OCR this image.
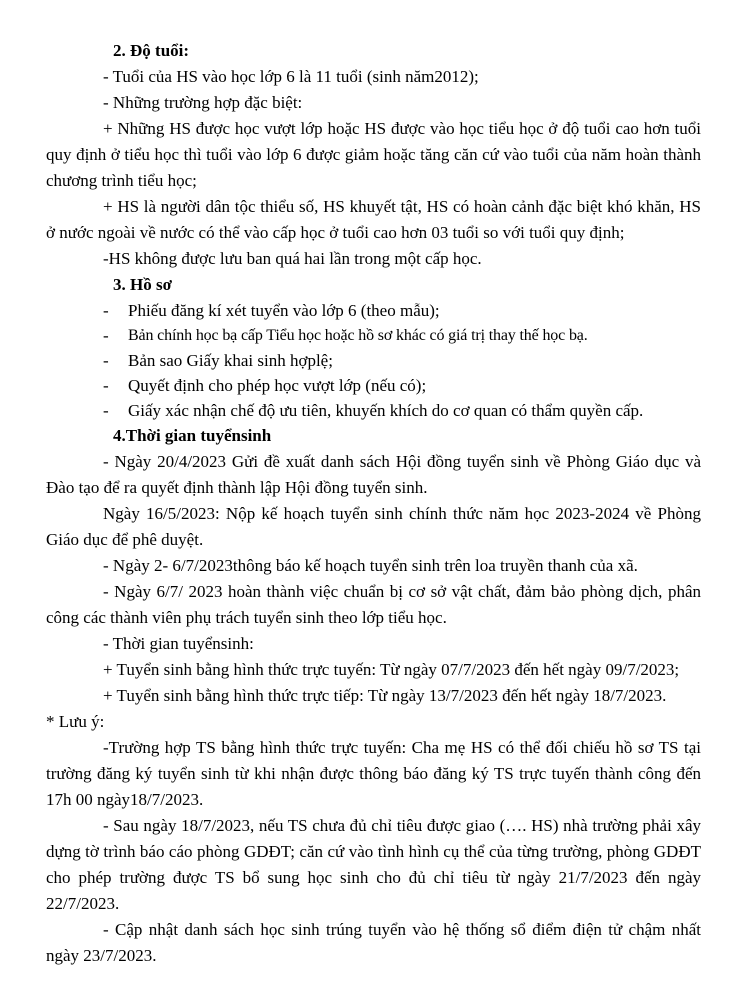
2. Độ tuổi:

- Tuổi của HS vào học lớp 6 là 11 tuổi (sinh năm2012);

- Những trường hợp đặc biệt:

+ Những HS được học vượt lớp hoặc HS được vào học tiểu học ở độ tuổi cao hơn tuổi quy định ở tiểu học thì tuổi vào lớp 6 được giảm hoặc tăng căn cứ vào tuổi của năm hoàn thành chương trình tiểu học;

+ HS là người dân tộc thiểu số, HS khuyết tật, HS có hoàn cảnh đặc biệt khó khăn, HS ở nước ngoài về nước có thể vào cấp học ở tuổi cao hơn 03 tuổi so với tuổi quy định;

-HS không được lưu ban quá hai lần trong một cấp học.

3. Hồ sơ
-	Phiếu đăng kí xét tuyển vào lớp 6 (theo mẫu);
-	Bản chính học bạ cấp Tiểu học hoặc hồ sơ khác có giá trị thay thế học bạ.
-	Bản sao Giấy khai sinh hợplệ;
-	Quyết định cho phép học vượt lớp (nếu có);
-	Giấy xác nhận chế độ ưu tiên, khuyến khích do cơ quan có thẩm quyền cấp.
4.Thời gian tuyểnsinh

- Ngày 20/4/2023 Gửi đề xuất danh sách Hội đồng tuyển sinh về Phòng Giáo dục và Đào tạo để ra quyết định thành lập Hội đồng tuyển sinh.

Ngày 16/5/2023: Nộp kế hoạch tuyển sinh chính thức năm học 2023-2024 về Phòng Giáo dục để phê duyệt.

- Ngày 2- 6/7/2023thông báo kế hoạch tuyển sinh trên loa truyền thanh của xã.

- Ngày 6/7/ 2023 hoàn thành việc chuẩn bị cơ sở vật chất, đảm bảo phòng dịch, phân công các thành viên phụ trách tuyển sinh theo lớp tiểu học.

- Thời gian tuyểnsinh:

+ Tuyển sinh bằng hình thức trực tuyến: Từ ngày 07/7/2023 đến hết ngày 09/7/2023;

+ Tuyển sinh bằng hình thức trực tiếp: Từ ngày 13/7/2023 đến hết ngày 18/7/2023.

* Lưu ý:

-Trường hợp TS bằng hình thức trực tuyến: Cha mẹ HS có thể đối chiếu hồ sơ TS tại trường đăng ký tuyển sinh từ khi nhận được thông báo đăng ký TS trực tuyến thành công đến 17h 00 ngày18/7/2023.

- Sau ngày 18/7/2023, nếu TS chưa đủ chỉ tiêu được giao (…. HS) nhà trường phải xây dựng tờ trình báo cáo phòng GDĐT; căn cứ vào tình hình cụ thể của từng trường, phòng GDĐT cho phép trường được TS bổ sung học sinh cho đủ chỉ tiêu từ ngày 21/7/2023 đến ngày 22/7/2023.

- Cập nhật danh sách học sinh trúng tuyển vào hệ thống sổ điểm điện tử chậm nhất ngày 23/7/2023.
